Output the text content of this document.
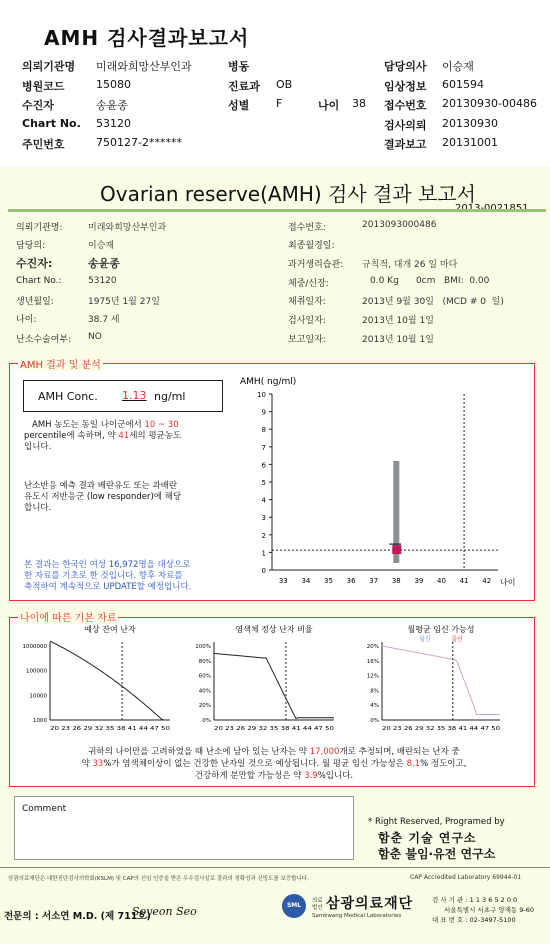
AMH 검사결과보고서
의뢰기관명 미래와희망산부인과
병원코드	15080
수진자	송윤종
Chart No. 53120
주민번호	750127-2******
병동
진료과 OB
성별 F	나이 38
담당의사 이승재
임상정보 601594
접수번호 20130930-00486
검사의뢰 20130930
결과보고 20131001
Ovarian reserve(AMH) 검사 결과 보고서
의뢰기관명:	미래와희망산부인과
담당의:	이승재
수진자:	송윤종
Chart No.:	53120
생년월일:	1975년 1월 27일
나이:	38.7 세
난소수술여부: NO
접수번호:	2013093000486
최종월경일:
과거생리습관: 규칙적, 대개 26 일 마다
체중/신장:	0.0 Kg      0cm   BMI:  0.00
채취일자:	2013년 9월 30일   (MCD # 0  일)
검사일자:	2013년 10월 1일
보고일자:	2013년 10월 1일
AMH 결과 및 분석
AMH Conc. 1.13 ng/ml
AMH 농도는 동일 나이군에서 10 ~ 30
percentile에 속하며, 약 41세의 평균농도
입니다.
난소반응 예측 결과 배란유도 또는 과배란
유도시 저반응군 (low responder)에 해당
합니다.
본 결과는 한국인 여성 16,972명을 대상으로
한 자료를 기초로 한 것입니다. 향후 자료를
축적하여 계속적으로 UPDATE할 예정입니다.
AMH( ng/ml)
0
1
2
3
4
5
6
7
8
9
10
33 34 35 36 37 38 39 40 41 42 나이
나이에 따른 기본 자료
예상 잔여 난자
1000000
100000
10000
1000
20 23 26 29 32 35 38 41 44 47 50
염색체 정상 난자 비율
100%
80%
60%
40%
20%
0%
20 23 26 29 32 35 38 41 44 47 50
월평균 임신 가능성
20%
16%
12%
8%
4%
0%
20 23 26 29 32 35 38 41 44 47 50
임신	출산
귀하의 나이만을 고려하였을 때 난소에 남아 있는 난자는 약 17,000개로 추정되며, 배란되는 난자 중
약 33%가 염색체이상이 없는 건강한 난자일 것으로 예상됩니다. 월 평균 임신 가능성은 8.1% 정도이고,
건강하게 분만할 가능성은 약 3.9%입니다.
Comment
* Right Reserved, Programed by
함춘 기술 연구소
함춘 불임·유전 연구소
삼광의료재단은 대한진단검사의학회(KSLM) 및 CAP의 신임 인증을 받은 우수검사실로 결과의 정확성과 신빙도를 보증합니다.	CAP Accredited Laboratory 69944-01
전문의 : 서소연 M.D. (제 711호)
Soyeon Seo	SML
의료법인 삼광의료재단
Samkwang Medical Laboratories
검 사 기 관 : 1 1 3 6 5 2 0 0
서울특별시 서초구 양재동 9-60
대 표 번 호 : 02-3497-5100
